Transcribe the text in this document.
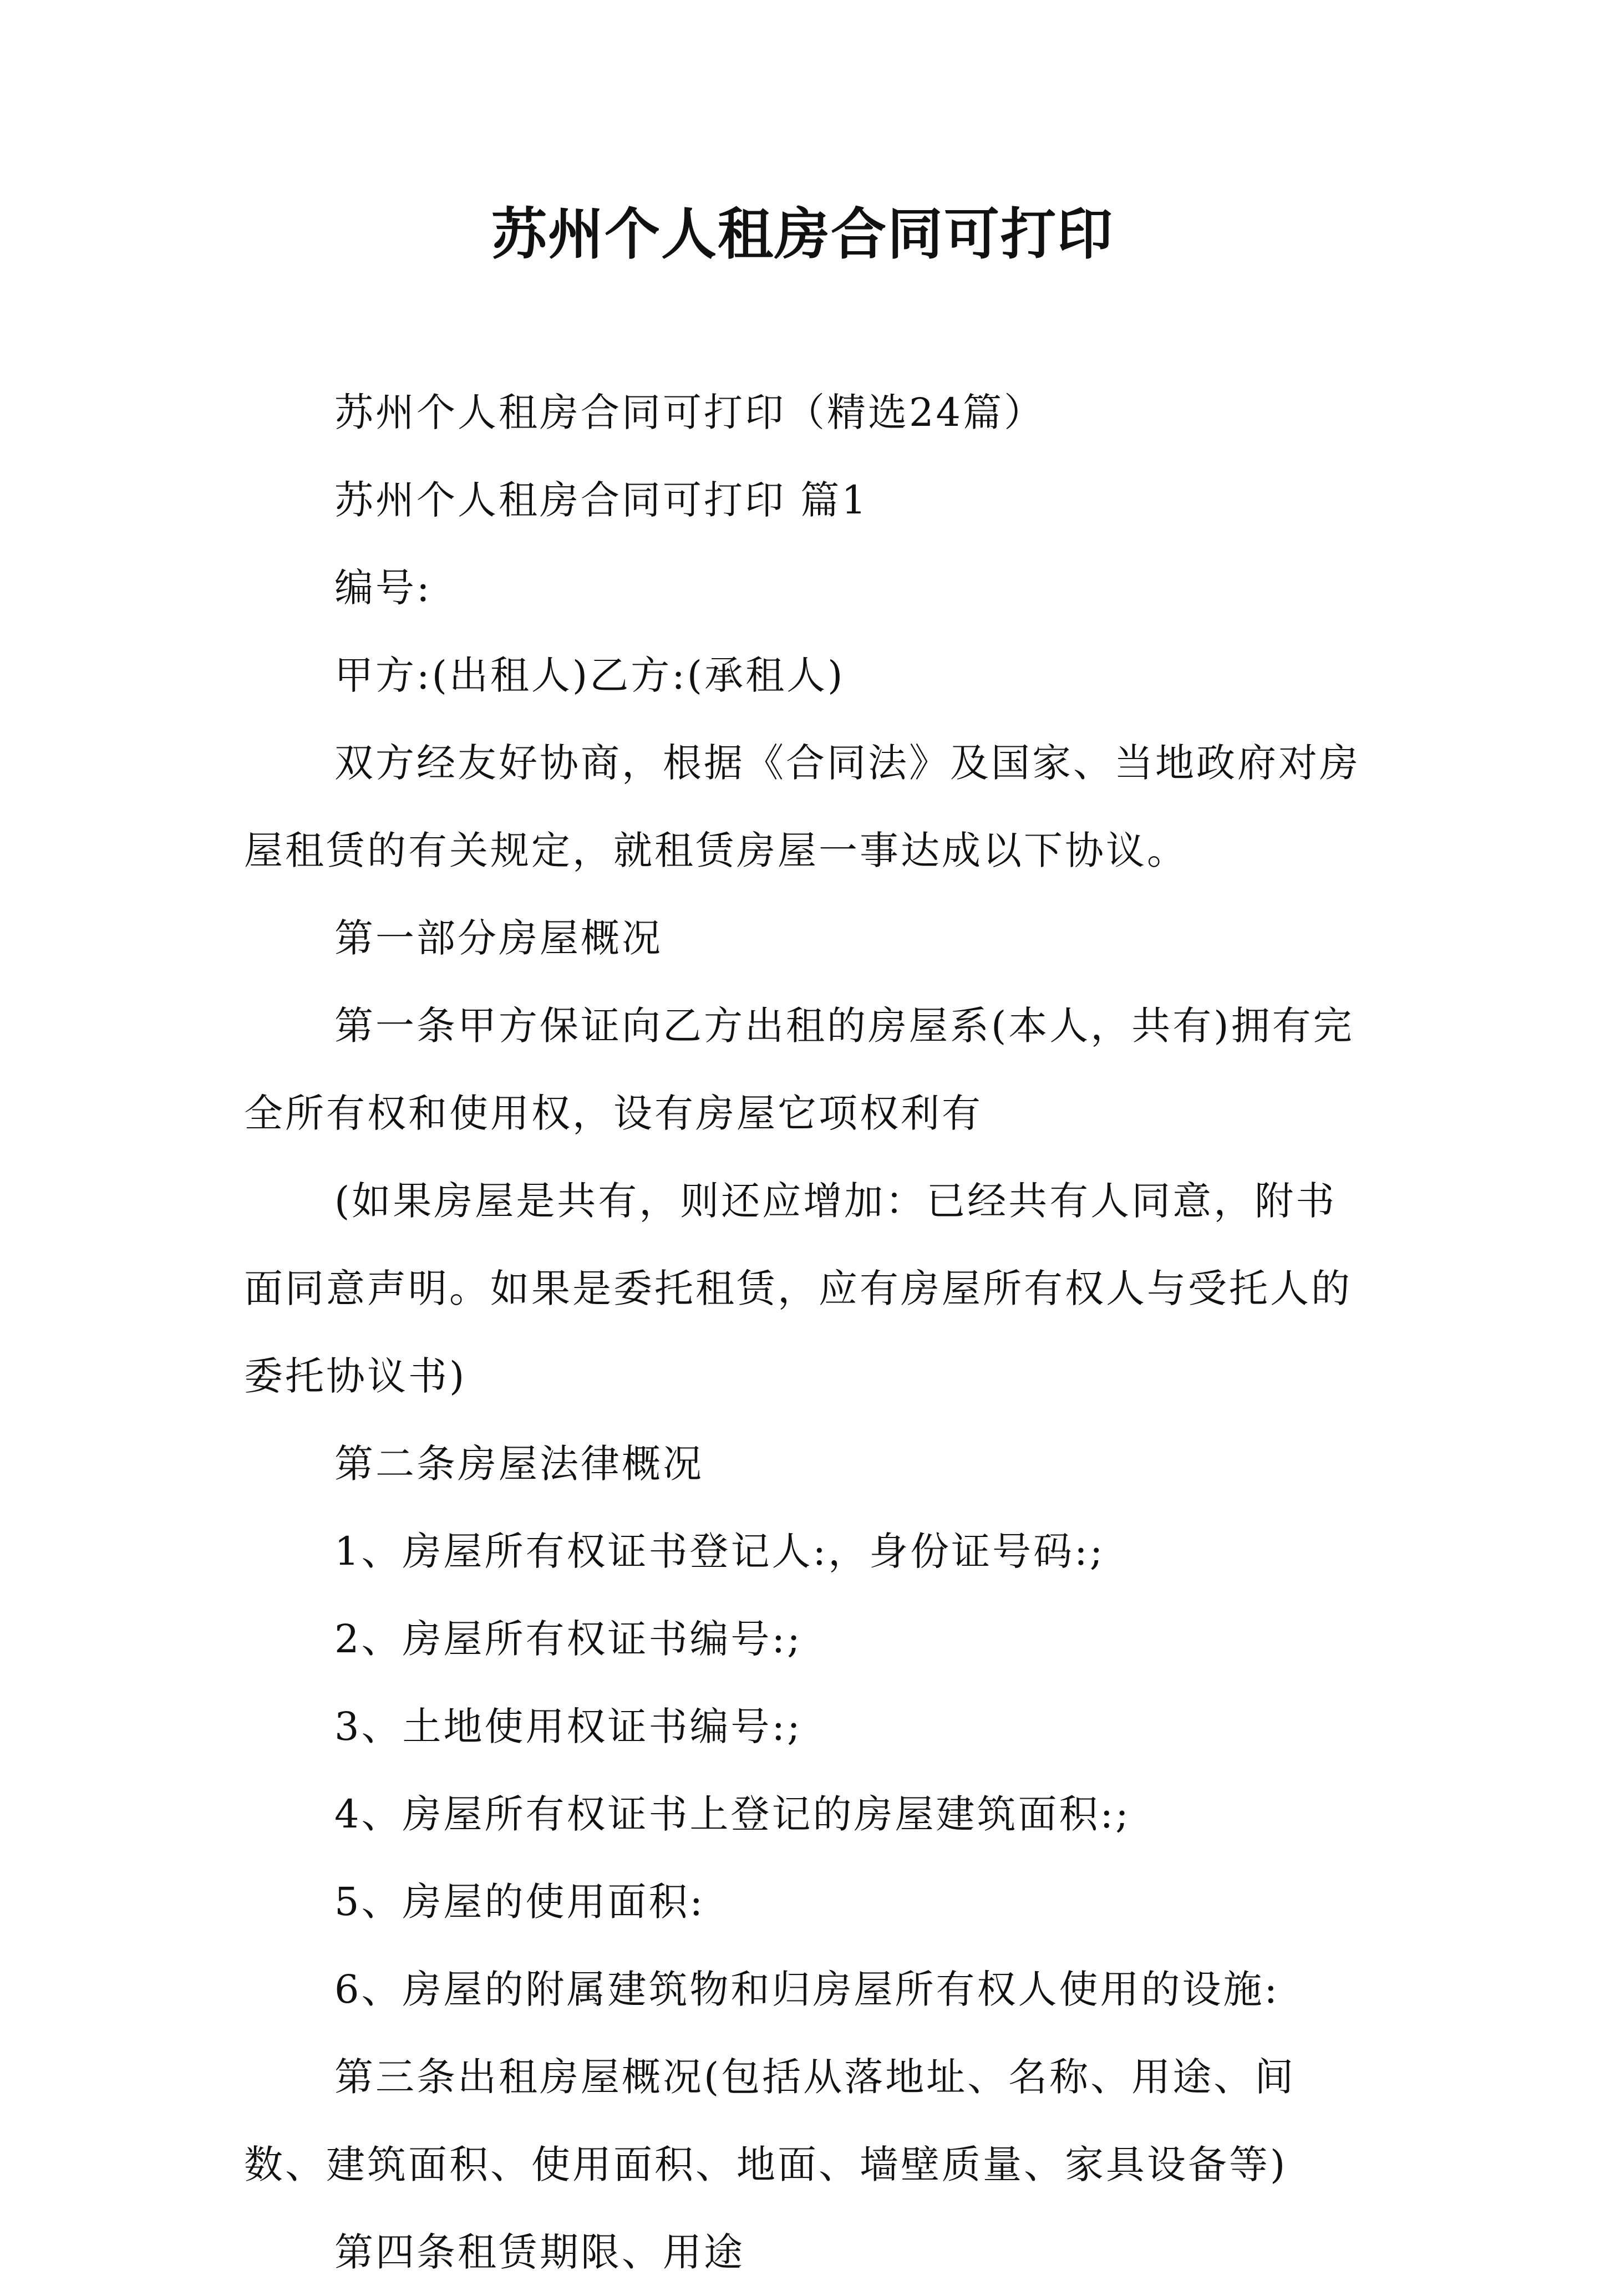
苏州个人租房合同可打印

苏州个人租房合同可打印（精选24篇）

苏州个人租房合同可打印 篇1

编号:

甲方:(出租人)乙方:(承租人)

双方经友好协商，根据《合同法》及国家、当地政府对房屋租赁的有关规定，就租赁房屋一事达成以下协议。

第一部分房屋概况

第一条甲方保证向乙方出租的房屋系(本人，共有)拥有完全所有权和使用权，设有房屋它项权利有

(如果房屋是共有，则还应增加：已经共有人同意，附书面同意声明。如果是委托租赁，应有房屋所有权人与受托人的委托协议书)

第二条房屋法律概况

1、房屋所有权证书登记人:，身份证号码:;

2、房屋所有权证书编号:;

3、土地使用权证书编号:;

4、房屋所有权证书上登记的房屋建筑面积:;

5、房屋的使用面积:

6、房屋的附属建筑物和归房屋所有权人使用的设施:

第三条出租房屋概况(包括从落地址、名称、用途、间数、建筑面积、使用面积、地面、墙壁质量、家具设备等)

第四条租赁期限、用途
